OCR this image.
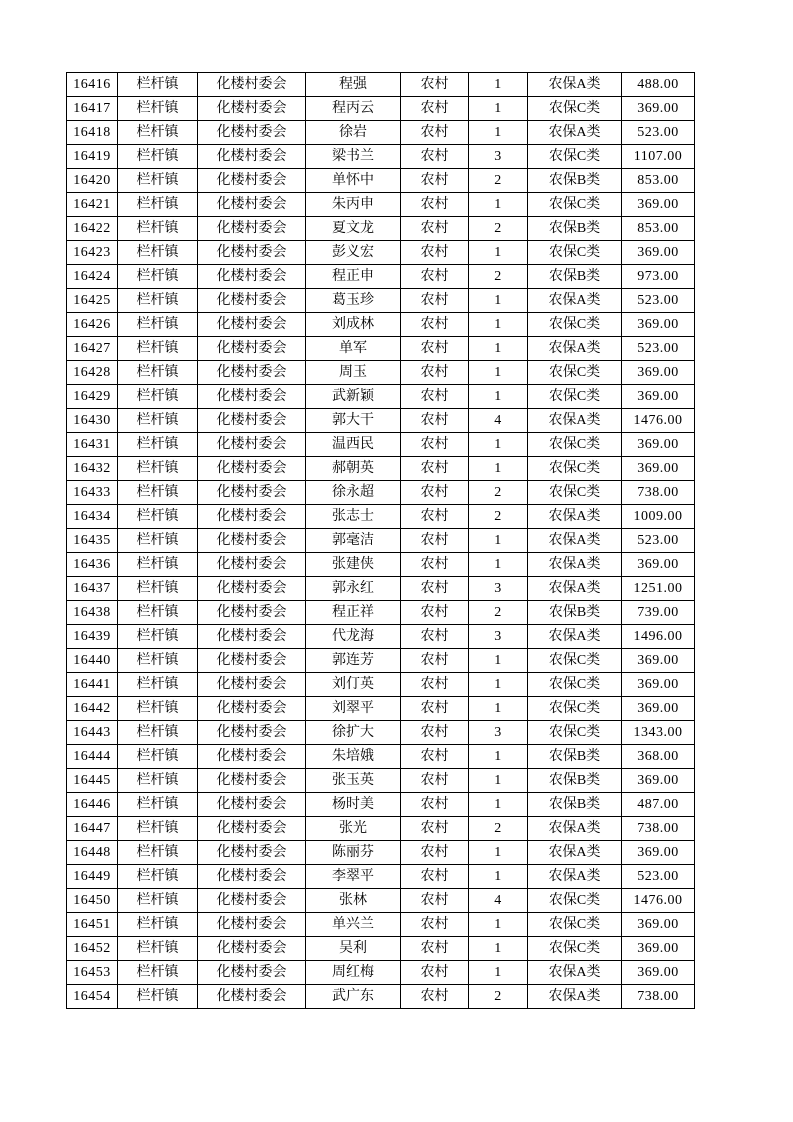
16416	栏杆镇	化楼村委会	程强	农村	1	农保A类	488.00
16417	栏杆镇	化楼村委会	程丙云	农村	1	农保C类	369.00
16418	栏杆镇	化楼村委会	徐岩	农村	1	农保A类	523.00
16419	栏杆镇	化楼村委会	梁书兰	农村	3	农保C类	1107.00
16420	栏杆镇	化楼村委会	单怀中	农村	2	农保B类	853.00
16421	栏杆镇	化楼村委会	朱丙申	农村	1	农保C类	369.00
16422	栏杆镇	化楼村委会	夏文龙	农村	2	农保B类	853.00
16423	栏杆镇	化楼村委会	彭义宏	农村	1	农保C类	369.00
16424	栏杆镇	化楼村委会	程正申	农村	2	农保B类	973.00
16425	栏杆镇	化楼村委会	葛玉珍	农村	1	农保A类	523.00
16426	栏杆镇	化楼村委会	刘成林	农村	1	农保C类	369.00
16427	栏杆镇	化楼村委会	单军	农村	1	农保A类	523.00
16428	栏杆镇	化楼村委会	周玉	农村	1	农保C类	369.00
16429	栏杆镇	化楼村委会	武新颖	农村	1	农保C类	369.00
16430	栏杆镇	化楼村委会	郭大干	农村	4	农保A类	1476.00
16431	栏杆镇	化楼村委会	温西民	农村	1	农保C类	369.00
16432	栏杆镇	化楼村委会	郝朝英	农村	1	农保C类	369.00
16433	栏杆镇	化楼村委会	徐永超	农村	2	农保C类	738.00
16434	栏杆镇	化楼村委会	张志士	农村	2	农保A类	1009.00
16435	栏杆镇	化楼村委会	郭毫洁	农村	1	农保A类	523.00
16436	栏杆镇	化楼村委会	张建侠	农村	1	农保A类	369.00
16437	栏杆镇	化楼村委会	郭永红	农村	3	农保A类	1251.00
16438	栏杆镇	化楼村委会	程正祥	农村	2	农保B类	739.00
16439	栏杆镇	化楼村委会	代龙海	农村	3	农保A类	1496.00
16440	栏杆镇	化楼村委会	郭连芳	农村	1	农保C类	369.00
16441	栏杆镇	化楼村委会	刘仃英	农村	1	农保C类	369.00
16442	栏杆镇	化楼村委会	刘翠平	农村	1	农保C类	369.00
16443	栏杆镇	化楼村委会	徐扩大	农村	3	农保C类	1343.00
16444	栏杆镇	化楼村委会	朱培娥	农村	1	农保B类	368.00
16445	栏杆镇	化楼村委会	张玉英	农村	1	农保B类	369.00
16446	栏杆镇	化楼村委会	杨时美	农村	1	农保B类	487.00
16447	栏杆镇	化楼村委会	张光	农村	2	农保A类	738.00
16448	栏杆镇	化楼村委会	陈丽芬	农村	1	农保A类	369.00
16449	栏杆镇	化楼村委会	李翠平	农村	1	农保A类	523.00
16450	栏杆镇	化楼村委会	张林	农村	4	农保C类	1476.00
16451	栏杆镇	化楼村委会	单兴兰	农村	1	农保C类	369.00
16452	栏杆镇	化楼村委会	吴利	农村	1	农保C类	369.00
16453	栏杆镇	化楼村委会	周红梅	农村	1	农保A类	369.00
16454	栏杆镇	化楼村委会	武广东	农村	2	农保A类	738.00
